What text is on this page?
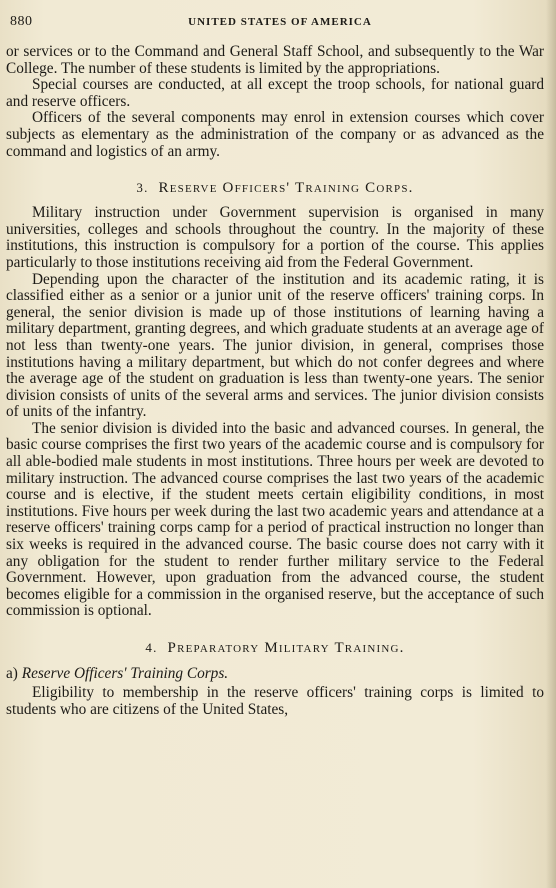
880	UNITED STATES OF AMERICA

or services or to the Command and General Staff School, and subsequently to the War College. The number of these students is limited by the appropriations.

Special courses are conducted, at all except the troop schools, for national guard and reserve officers.

Officers of the several components may enrol in extension courses which cover subjects as elementary as the administration of the company or as advanced as the command and logistics of an army.

3. Reserve Officers' Training Corps.

Military instruction under Government supervision is organised in many universities, colleges and schools throughout the country. In the majority of these institutions, this instruction is compulsory for a portion of the course. This applies particularly to those institutions receiving aid from the Federal Government.

Depending upon the character of the institution and its academic rating, it is classified either as a senior or a junior unit of the reserve officers' training corps. In general, the senior division is made up of those institutions of learning having a military department, granting degrees, and which graduate students at an average age of not less than twenty-one years. The junior division, in general, comprises those institutions having a military department, but which do not confer degrees and where the average age of the student on graduation is less than twenty-one years. The senior division consists of units of the several arms and services. The junior division consists of units of the infantry.

The senior division is divided into the basic and advanced courses. In general, the basic course comprises the first two years of the academic course and is compulsory for all able-bodied male students in most institutions. Three hours per week are devoted to military instruction. The advanced course comprises the last two years of the academic course and is elective, if the student meets certain eligibility conditions, in most institutions. Five hours per week during the last two academic years and attendance at a reserve officers' training corps camp for a period of practical instruction no longer than six weeks is required in the advanced course. The basic course does not carry with it any obligation for the student to render further military service to the Federal Government. However, upon graduation from the advanced course, the student becomes eligible for a commission in the organised reserve, but the acceptance of such commission is optional.

4. Preparatory Military Training.
a) Reserve Officers' Training Corps.

Eligibility to membership in the reserve officers' training corps is limited to students who are citizens of the United States,
